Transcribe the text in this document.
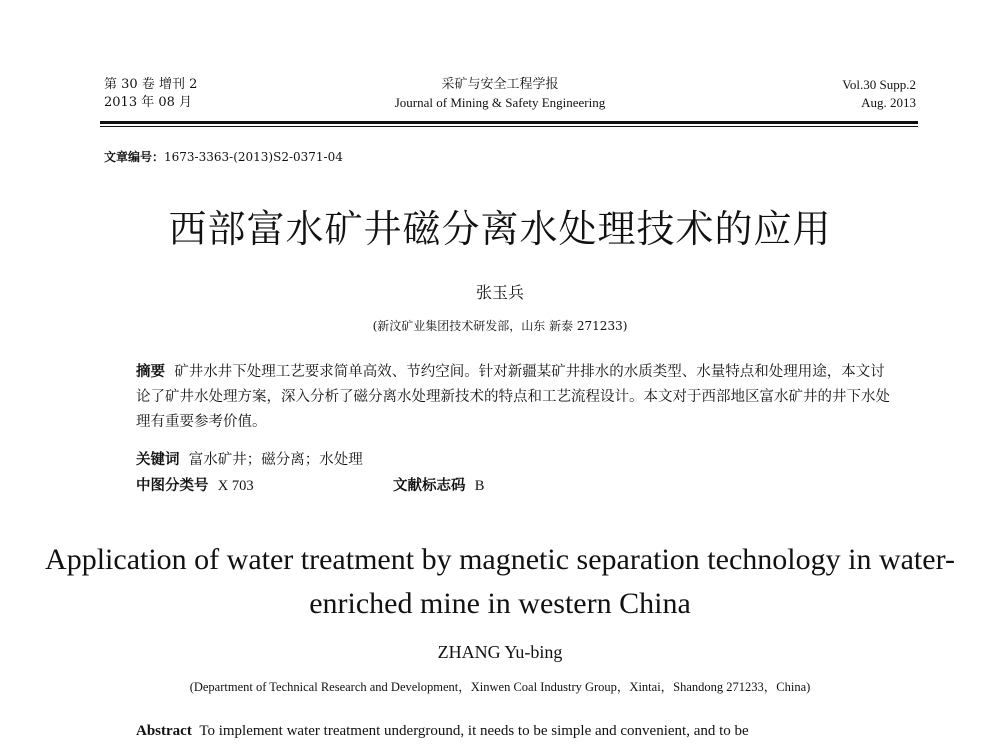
第 30 卷 增刊 2
2013 年 08 月
采矿与安全工程学报
Journal of Mining & Safety Engineering
Vol.30 Supp.2
Aug. 2013
文章编号：1673-3363-(2013)S2-0371-04
西部富水矿井磁分离水处理技术的应用
张玉兵
(新汶矿业集团技术研发部，山东 新泰 271233)
摘要 矿井水井下处理工艺要求简单高效、节约空间。针对新疆某矿井排水的水质类型、水量特点和处理用途，本文讨论了矿井水处理方案，深入分析了磁分离水处理新技术的特点和工艺流程设计。本文对于西部地区富水矿井的井下水处理有重要参考价值。
关键词 富水矿井；磁分离；水处理
中图分类号 X 703	文献标志码 B
Application of water treatment by magnetic separation technology in water-enriched mine in western China
ZHANG Yu-bing
(Department of Technical Research and Development，Xinwen Coal Industry Group，Xintai，Shandong 271233，China)
Abstract To implement water treatment underground, it needs to be simple and convenient, and to be
